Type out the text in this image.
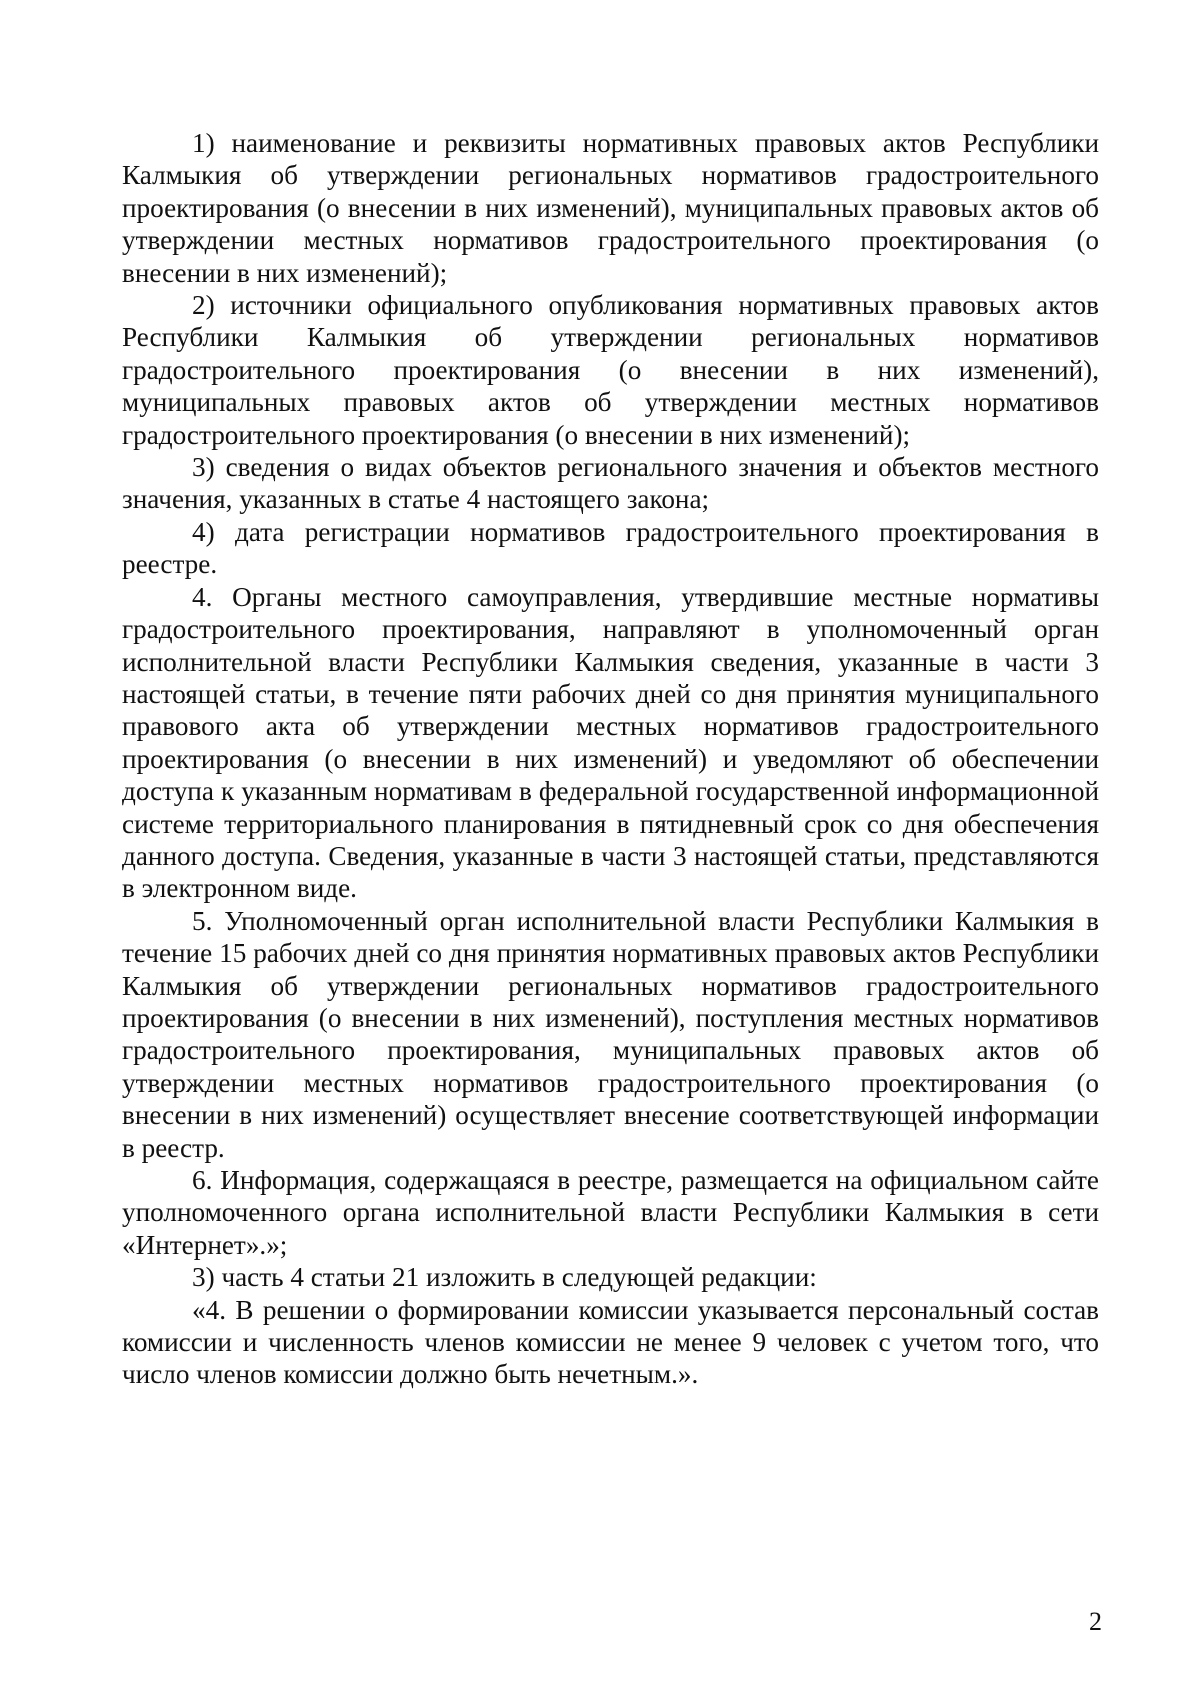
1) наименование и реквизиты нормативных правовых актов Республики Калмыкия об утверждении региональных нормативов градостроительного проектирования (о внесении в них изменений), муниципальных правовых актов об утверждении местных нормативов градостроительного проектирования (о внесении в них изменений);

2) источники официального опубликования нормативных правовых актов Республики Калмыкия об утверждении региональных нормативов градостроительного проектирования (о внесении в них изменений), муниципальных правовых актов об утверждении местных нормативов градостроительного проектирования (о внесении в них изменений);

3) сведения о видах объектов регионального значения и объектов местного значения, указанных в статье 4 настоящего закона;

4) дата регистрации нормативов градостроительного проектирования в реестре.

4. Органы местного самоуправления, утвердившие местные нормативы градостроительного проектирования, направляют в уполномоченный орган исполнительной власти Республики Калмыкия сведения, указанные в части 3 настоящей статьи, в течение пяти рабочих дней со дня принятия муниципального правового акта об утверждении местных нормативов градостроительного проектирования (о внесении в них изменений) и уведомляют об обеспечении доступа к указанным нормативам в федеральной государственной информационной системе территориального планирования в пятидневный срок со дня обеспечения данного доступа. Сведения, указанные в части 3 настоящей статьи, представляются в электронном виде.

5. Уполномоченный орган исполнительной власти Республики Калмыкия в течение 15 рабочих дней со дня принятия нормативных правовых актов Республики Калмыкия об утверждении региональных нормативов градостроительного проектирования (о внесении в них изменений), поступления местных нормативов градостроительного проектирования, муниципальных правовых актов об утверждении местных нормативов градостроительного проектирования (о внесении в них изменений) осуществляет внесение соответствующей информации в реестр.

6. Информация, содержащаяся в реестре, размещается на официальном сайте уполномоченного органа исполнительной власти Республики Калмыкия в сети «Интернет».»;

3) часть 4 статьи 21 изложить в следующей редакции:

«4. В решении о формировании комиссии указывается персональный состав комиссии и численность членов комиссии не менее 9 человек с учетом того, что число членов комиссии должно быть нечетным.».

2
